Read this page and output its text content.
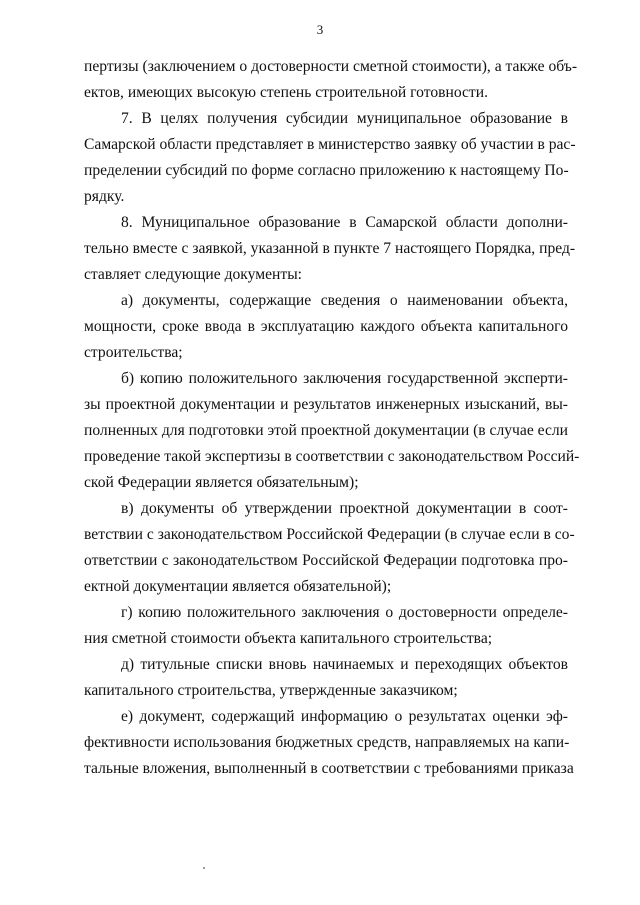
3
пертизы (заключением о достоверности сметной стоимости), а также объ-
ектов, имеющих высокую степень строительной готовности.
7. В целях получения субсидии муниципальное образование в
Самарской области представляет в министерство заявку об участии в рас-
пределении субсидий по форме согласно приложению к настоящему По-
рядку.
8. Муниципальное образование в Самарской области дополни-
тельно вместе с заявкой, указанной в пункте 7 настоящего Порядка, пред-
ставляет следующие документы:
а) документы, содержащие сведения о наименовании объекта,
мощности, сроке ввода в эксплуатацию каждого объекта капитального
строительства;
б) копию положительного заключения государственной эксперти-
зы проектной документации и результатов инженерных изысканий, вы-
полненных для подготовки этой проектной документации (в случае если
проведение такой экспертизы в соответствии с законодательством Россий-
ской Федерации является обязательным);
в) документы об утверждении проектной документации в соот-
ветствии с законодательством Российской Федерации (в случае если в со-
ответствии с законодательством Российской Федерации подготовка про-
ектной документации является обязательной);
г) копию положительного заключения о достоверности определе-
ния сметной стоимости объекта капитального строительства;
д) титульные списки вновь начинаемых и переходящих объектов
капитального строительства, утвержденные заказчиком;
е) документ, содержащий информацию о результатах оценки эф-
фективности использования бюджетных средств, направляемых на капи-
тальные вложения, выполненный в соответствии с требованиями приказа
